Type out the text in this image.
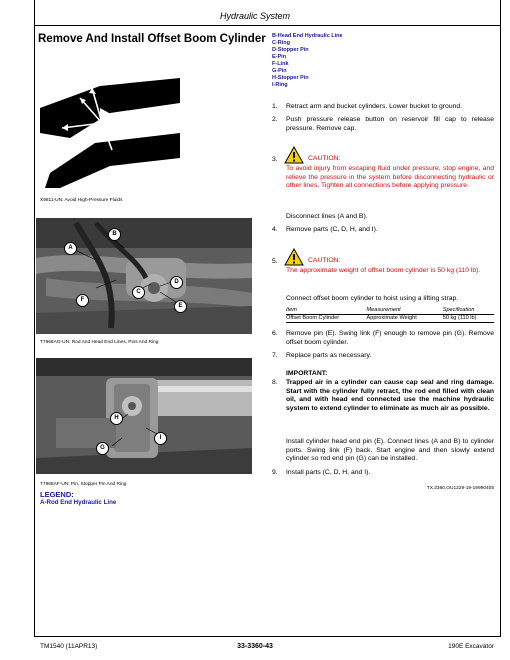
Hydraulic System
Remove And Install Offset Boom Cylinder	B-Head End Hydraulic Line
C-Ring
D-Stopper Pin
E-Pin
F-Link
G-Pin
H-Stopper Pin
I-Ring
X9811-UN: Avoid High-Pressure Fluids
A
B
C
D
E
F
T7968AO-UN: Rod And Head End Lines, Pins And Ring
H
I
G
T7968AF-UN: Pin, Stopper Pin And Ring
LEGEND:
A-Rod End Hydraulic Line
1. Retract arm and bucket cylinders. Lower bucket to ground.
2. Push pressure release button on reservoir fill cap to release pressure. Remove cap.
3.	CAUTION:
To avoid injury from escaping fluid under pressure, stop engine, and relieve the pressure in the system before disconnecting hydraulic or other lines. Tighten all connections before applying pressure.
Disconnect lines (A and B).
4. Remove parts (C, D, H, and I).
5.	CAUTION:
The approximate weight of offset boom cylinder is 50 kg (110 lb).
Connect offset boom cylinder to hoist using a lifting strap.
Item	Measurement	Specification
Offset Boom Cylinder	Approximate Weight	50 kg (110 lb)
6. Remove pin (E). Swing link (F) enough to remove pin (G). Remove offset boom cylinder.
7. Replace parts as necessary.
IMPORTANT:
8. Trapped air in a cylinder can cause cap seal and ring damage. Start with the cylinder fully retract, the rod end filled with clean oil, and with head end connected use the machine hydraulic system to extend cylinder to eliminate as much air as possible.
Install cylinder head end pin (E). Connect lines (A and B) to cylinder ports. Swing link (F) back. Start engine and then slowly extend cylinder so rod end pin (G) can be installed.
9. Install parts (C, D, H, and I).
TX,3360,OU1229-19-19990405
TM1540 (11APR13)	33-3360-43	190E Excavator
